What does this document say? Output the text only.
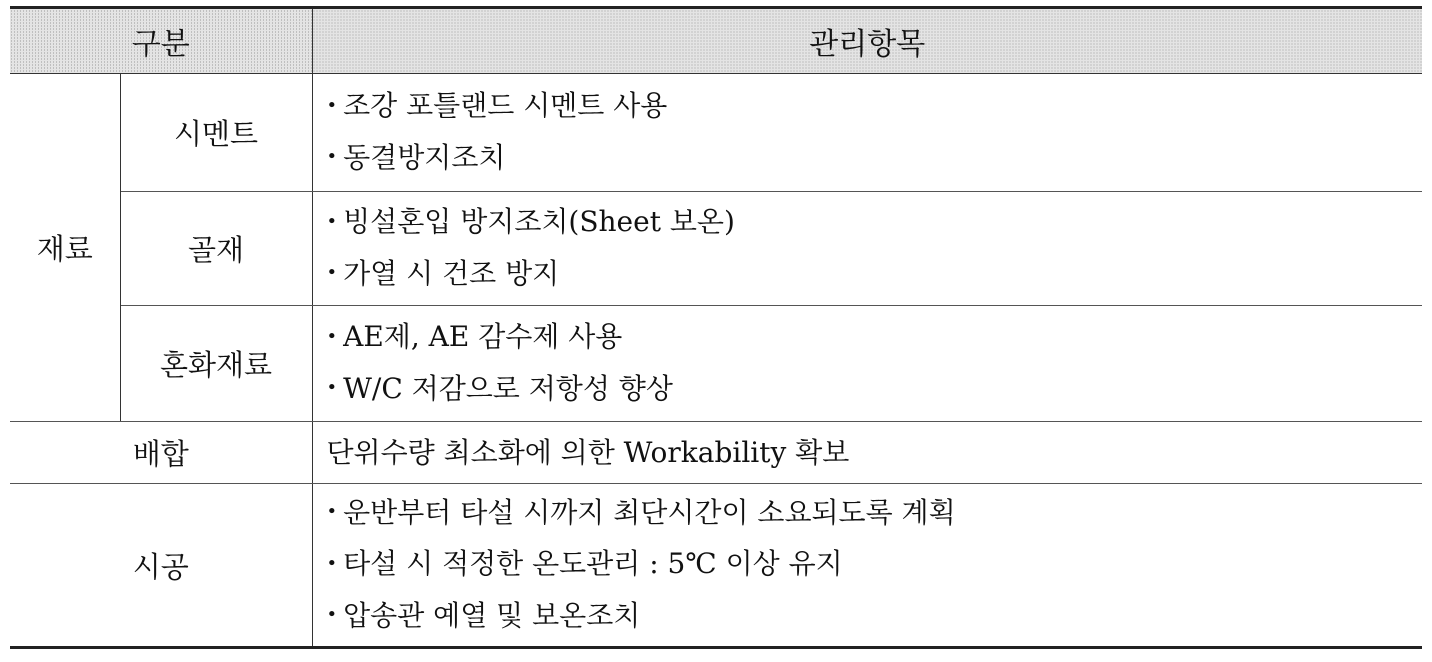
구분		관리항목
재료	시멘트	• 조강 포틀랜드 시멘트 사용
• 동결방지조치

	골재	• 빙설혼입 방지조치(Sheet 보온)
• 가열 시 건조 방지

	혼화재료	• AE제, AE 감수제 사용
• W/C 저감으로 저항성 향상

배합		단위수량 최소화에 의한 Workability 확보
시공		• 운반부터 타설 시까지 최단시간이 소요되도록 계획
• 타설 시 적정한 온도관리 : 5℃ 이상 유지
• 압송관 예열 및 보온조치
